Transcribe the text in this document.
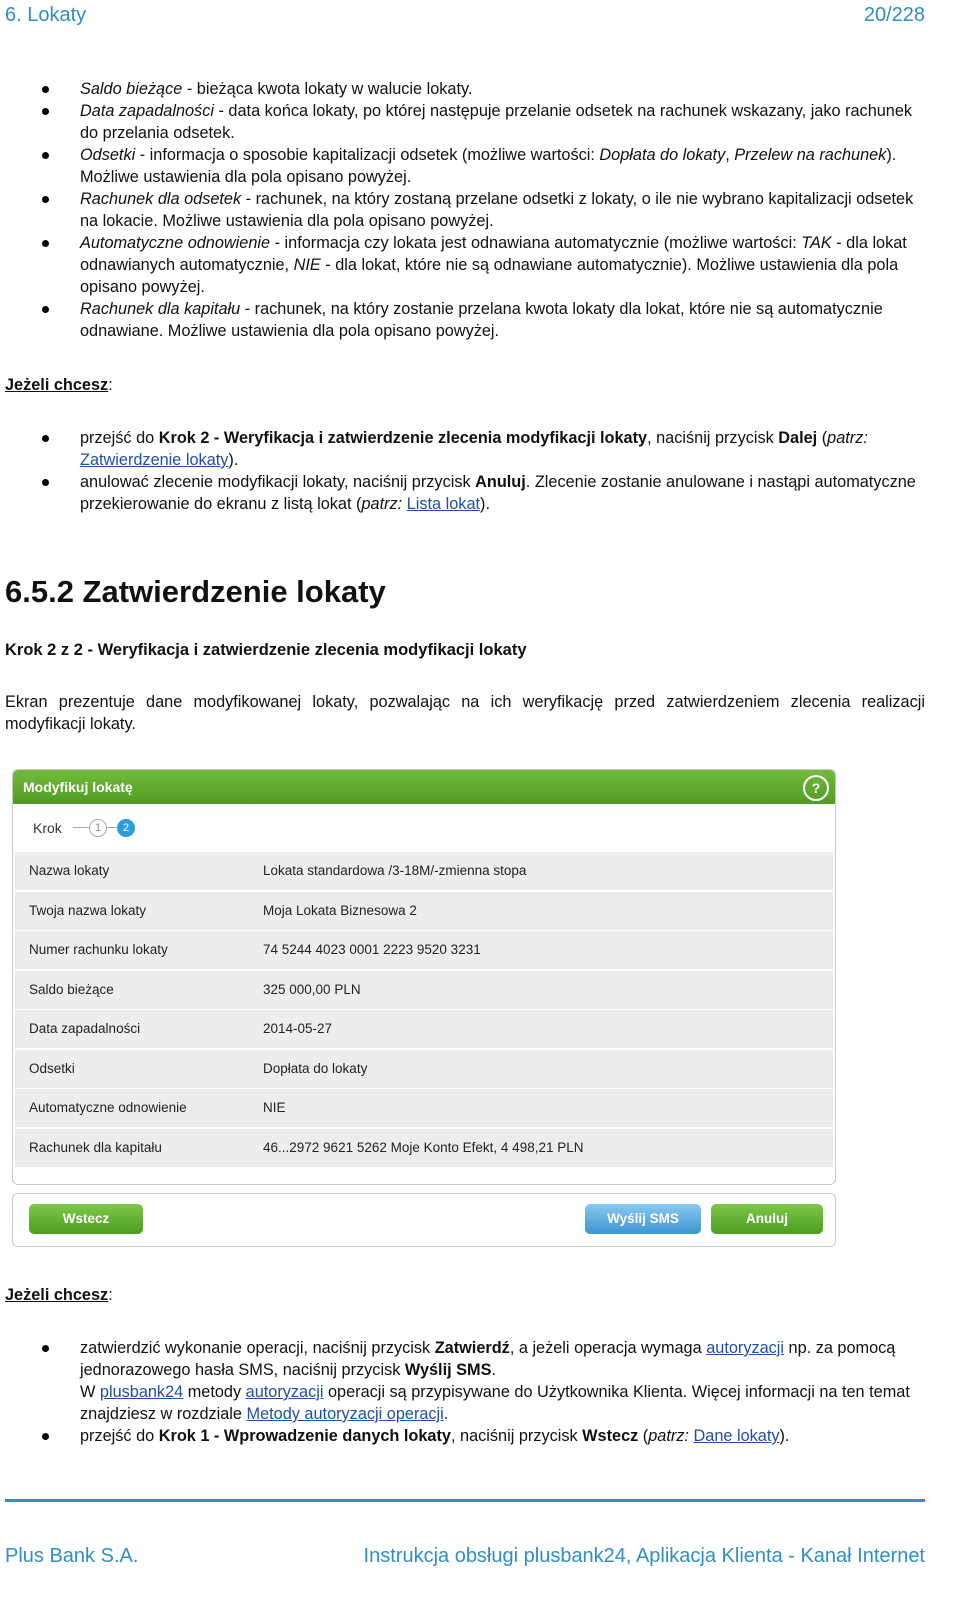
6. Lokaty	20/228
Saldo bieżące - bieżąca kwota lokaty w walucie lokaty.
Data zapadalności - data końca lokaty, po której następuje przelanie odsetek na rachunek wskazany, jako rachunek do przelania odsetek.
Odsetki - informacja o sposobie kapitalizacji odsetek (możliwe wartości: Dopłata do lokaty, Przelew na rachunek). Możliwe ustawienia dla pola opisano powyżej.
Rachunek dla odsetek - rachunek, na który zostaną przelane odsetki z lokaty, o ile nie wybrano kapitalizacji odsetek na lokacie. Możliwe ustawienia dla pola opisano powyżej.
Automatyczne odnowienie - informacja czy lokata jest odnawiana automatycznie (możliwe wartości: TAK - dla lokat odnawianych automatycznie, NIE - dla lokat, które nie są odnawiane automatycznie). Możliwe ustawienia dla pola opisano powyżej.
Rachunek dla kapitału - rachunek, na który zostanie przelana kwota lokaty dla lokat, które nie są automatycznie odnawiane. Możliwe ustawienia dla pola opisano powyżej.
Jeżeli chcesz:
przejść do Krok 2 - Weryfikacja i zatwierdzenie zlecenia modyfikacji lokaty, naciśnij przycisk Dalej (patrz: Zatwierdzenie lokaty).
anulować zlecenie modyfikacji lokaty, naciśnij przycisk Anuluj. Zlecenie zostanie anulowane i nastąpi automatyczne przekierowanie do ekranu z listą lokat (patrz: Lista lokat).
6.5.2 Zatwierdzenie lokaty
Krok 2 z 2 - Weryfikacja i zatwierdzenie zlecenia modyfikacji lokaty
Ekran prezentuje dane modyfikowanej lokaty, pozwalając na ich weryfikację przed zatwierdzeniem zlecenia realizacji modyfikacji lokaty.
Modyfikuj lokatę	?
Krok	1	2
Nazwa lokaty	Lokata standardowa /3-18M/-zmienna stopa
Twoja nazwa lokaty	Moja Lokata Biznesowa 2
Numer rachunku lokaty	74 5244 4023 0001 2223 9520 3231
Saldo bieżące	325 000,00 PLN
Data zapadalności	2014-05-27
Odsetki	Dopłata do lokaty
Automatyczne odnowienie	NIE
Rachunek dla kapitału	46...2972 9621 5262 Moje Konto Efekt, 4 498,21 PLN
Wstecz	Wyślij SMS	Anuluj
Jeżeli chcesz:
zatwierdzić wykonanie operacji, naciśnij przycisk Zatwierdź, a jeżeli operacja wymaga autoryzacji np. za pomocą jednorazowego hasła SMS, naciśnij przycisk Wyślij SMS.
W plusbank24 metody autoryzacji operacji są przypisywane do Użytkownika Klienta. Więcej informacji na ten temat znajdziesz w rozdziale Metody autoryzacji operacji.
przejść do Krok 1 - Wprowadzenie danych lokaty, naciśnij przycisk Wstecz (patrz: Dane lokaty).
Plus Bank S.A.	Instrukcja obsługi plusbank24, Aplikacja Klienta - Kanał Internet
